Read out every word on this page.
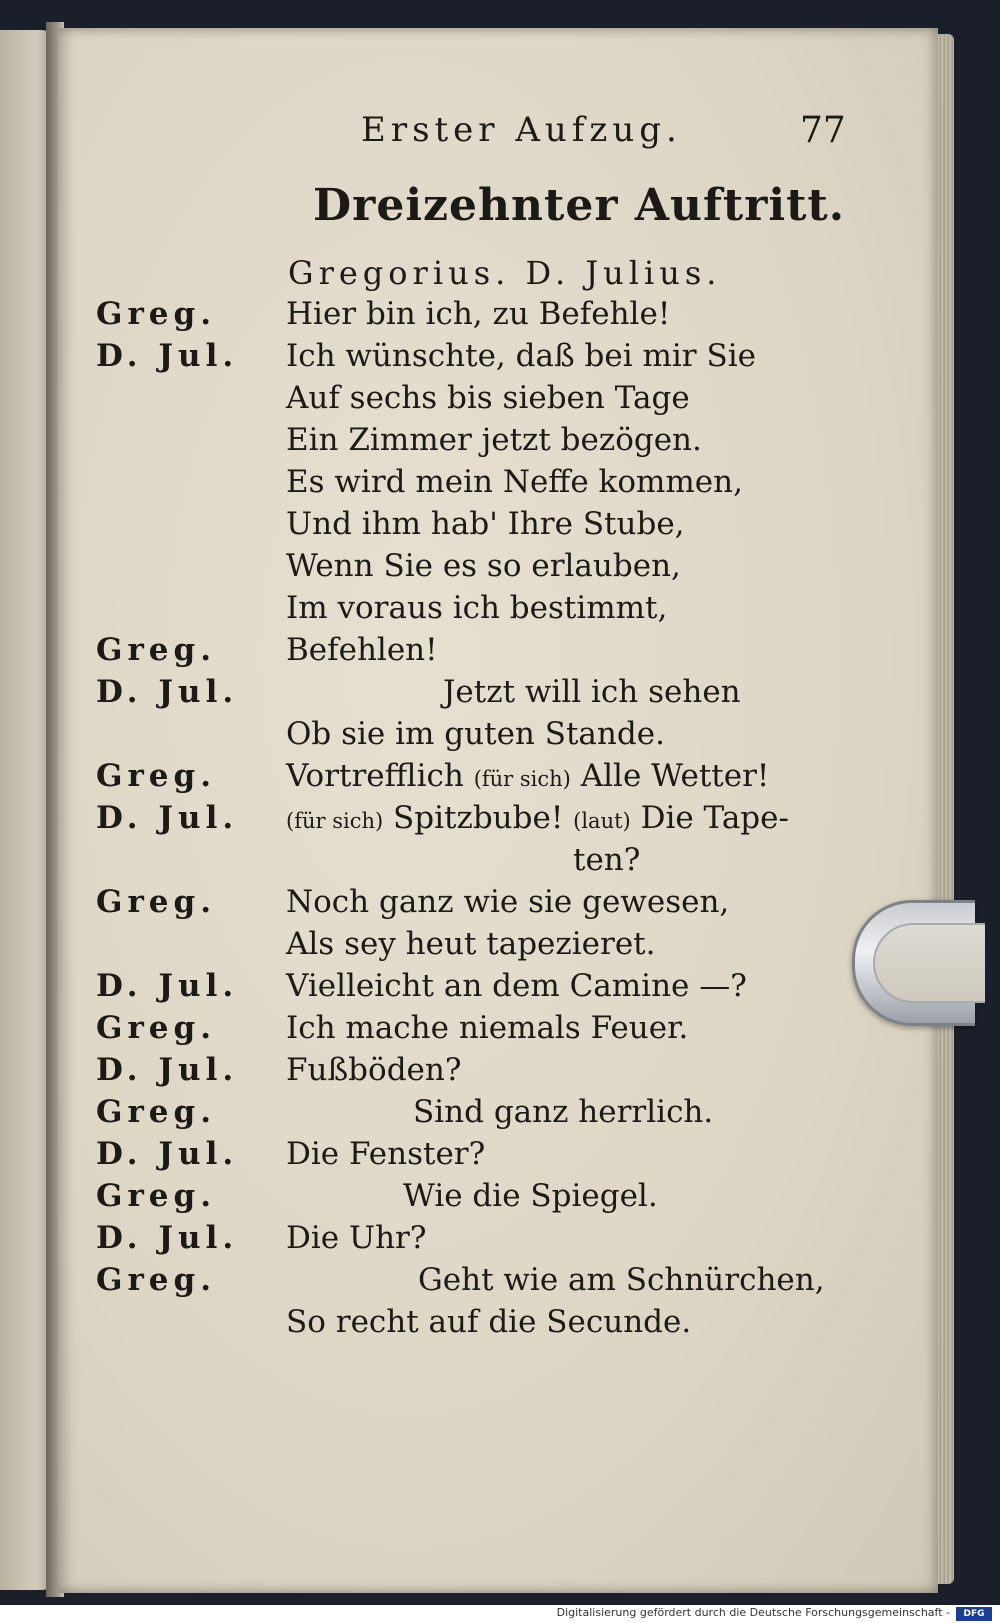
Erster Aufzug.	77
Dreizehnter Auftritt.
Gregorius. D. Julius.
Greg. Hier bin ich, zu Befehle!
D. Jul. Ich wünschte, daß bei mir Sie
Auf sechs bis sieben Tage
Ein Zimmer jetzt bezögen.
Es wird mein Neffe kommen,
Und ihm hab' Ihre Stube,
Wenn Sie es so erlauben,
Im voraus ich bestimmt,
Greg. Befehlen!
D. Jul.	Jetzt will ich sehen
Ob sie im guten Stande.
Greg. Vortrefflich (für sich) Alle Wetter!
D. Jul. (für sich) Spitzbube! (laut) Die Tape-
ten?
Greg. Noch ganz wie sie gewesen,
Als sey heut tapezieret.
D. Jul. Vielleicht an dem Camine —?
Greg. Ich mache niemals Feuer.
D. Jul. Fußböden?
Greg.	Sind ganz herrlich.
D. Jul. Die Fenster?
Greg.	Wie die Spiegel.
D. Jul. Die Uhr?
Greg.	Geht wie am Schnürchen,
So recht auf die Secunde.
Digitalisierung gefördert durch die Deutsche Forschungsgemeinschaft -	DFG
